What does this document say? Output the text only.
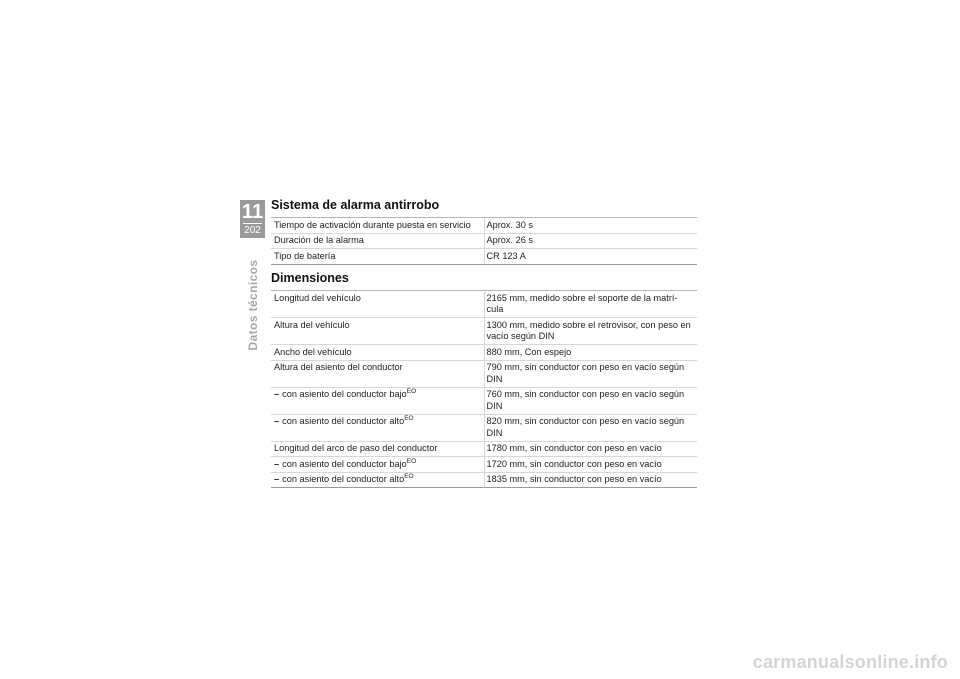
11
202
Datos técnicos
Sistema de alarma antirrobo
Tiempo de activación durante puesta en servicio	Aprox. 30 s
Duración de la alarma	Aprox. 26 s
Tipo de batería	CR 123 A
Dimensiones
Longitud del vehículo	2165 mm, medido sobre el soporte de la matrí-cula
Altura del vehículo	1300 mm, medido sobre el retrovisor, con peso en vacío según DIN
Ancho del vehículo	880 mm, Con espejo
Altura del asiento del conductor	790 mm, sin conductor con peso en vacío según DIN
– con asiento del conductor bajo$^{EO}$	760 mm, sin conductor con peso en vacío según DIN
– con asiento del conductor alto$^{EO}$	820 mm, sin conductor con peso en vacío según DIN
Longitud del arco de paso del conductor	1780 mm, sin conductor con peso en vacío
– con asiento del conductor bajo$^{EO}$	1720 mm, sin conductor con peso en vacío
– con asiento del conductor alto$^{EO}$	1835 mm, sin conductor con peso en vacío
carmanualsonline.info
